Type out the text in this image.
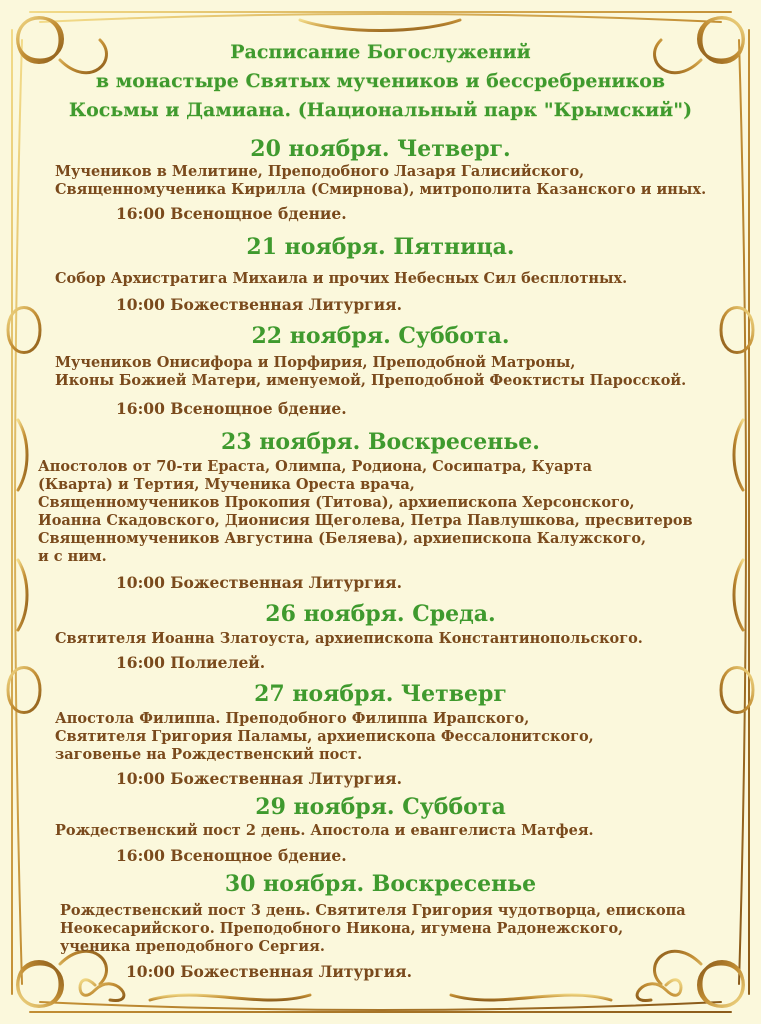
Расписание Богослужений
в монастыре Святых мучеников и бессребреников
Косьмы и Дамиана. (Национальный парк "Крымский")
20 ноября. Четверг.
Мучеников в Мелитине, Преподобного Лазаря Галисийского,
Священномученика Кирилла (Смирнова), митрополита Казанского и иных.
16:00 Всенощное бдение.
21 ноября. Пятница.
Собор Архистратига Михаила и прочих Небесных Сил бесплотных.
10:00 Божественная Литургия.
22 ноября. Суббота.
Мучеников Онисифора и Порфирия, Преподобной Матроны,
Иконы Божией Матери, именуемой, Преподобной Феоктисты Паросской.
16:00 Всенощное бдение.
23 ноября. Воскресенье.
Апостолов от 70-ти Ераста, Олимпа, Родиона, Сосипатра, Куарта
(Кварта) и Тертия, Мученика Ореста врача,
Священномучеников Прокопия (Титова), архиепископа Херсонского,
Иоанна Скадовского, Дионисия Щеголева, Петра Павлушкова, пресвитеров
Священномучеников Августина (Беляева), архиепископа Калужского,
и с ним.
10:00 Божественная Литургия.
26 ноября. Среда.
Святителя Иоанна Златоуста, архиепископа Константинопольского.
16:00 Полиелей.
27 ноября. Четверг
Апостола Филиппа. Преподобного Филиппа Ирапского,
Святителя Григория Паламы, архиепископа Фессалонитского,
заговенье на Рождественский пост.
10:00 Божественная Литургия.
29 ноября. Суббота
Рождественский пост 2 день. Апостола и евангелиста Матфея.
16:00 Всенощное бдение.
30 ноября. Воскресенье
Рождественский пост 3 день. Святителя Григория чудотворца, епископа
Неокесарийского. Преподобного Никона, игумена Радонежского,
ученика преподобного Сергия.
10:00 Божественная Литургия.
